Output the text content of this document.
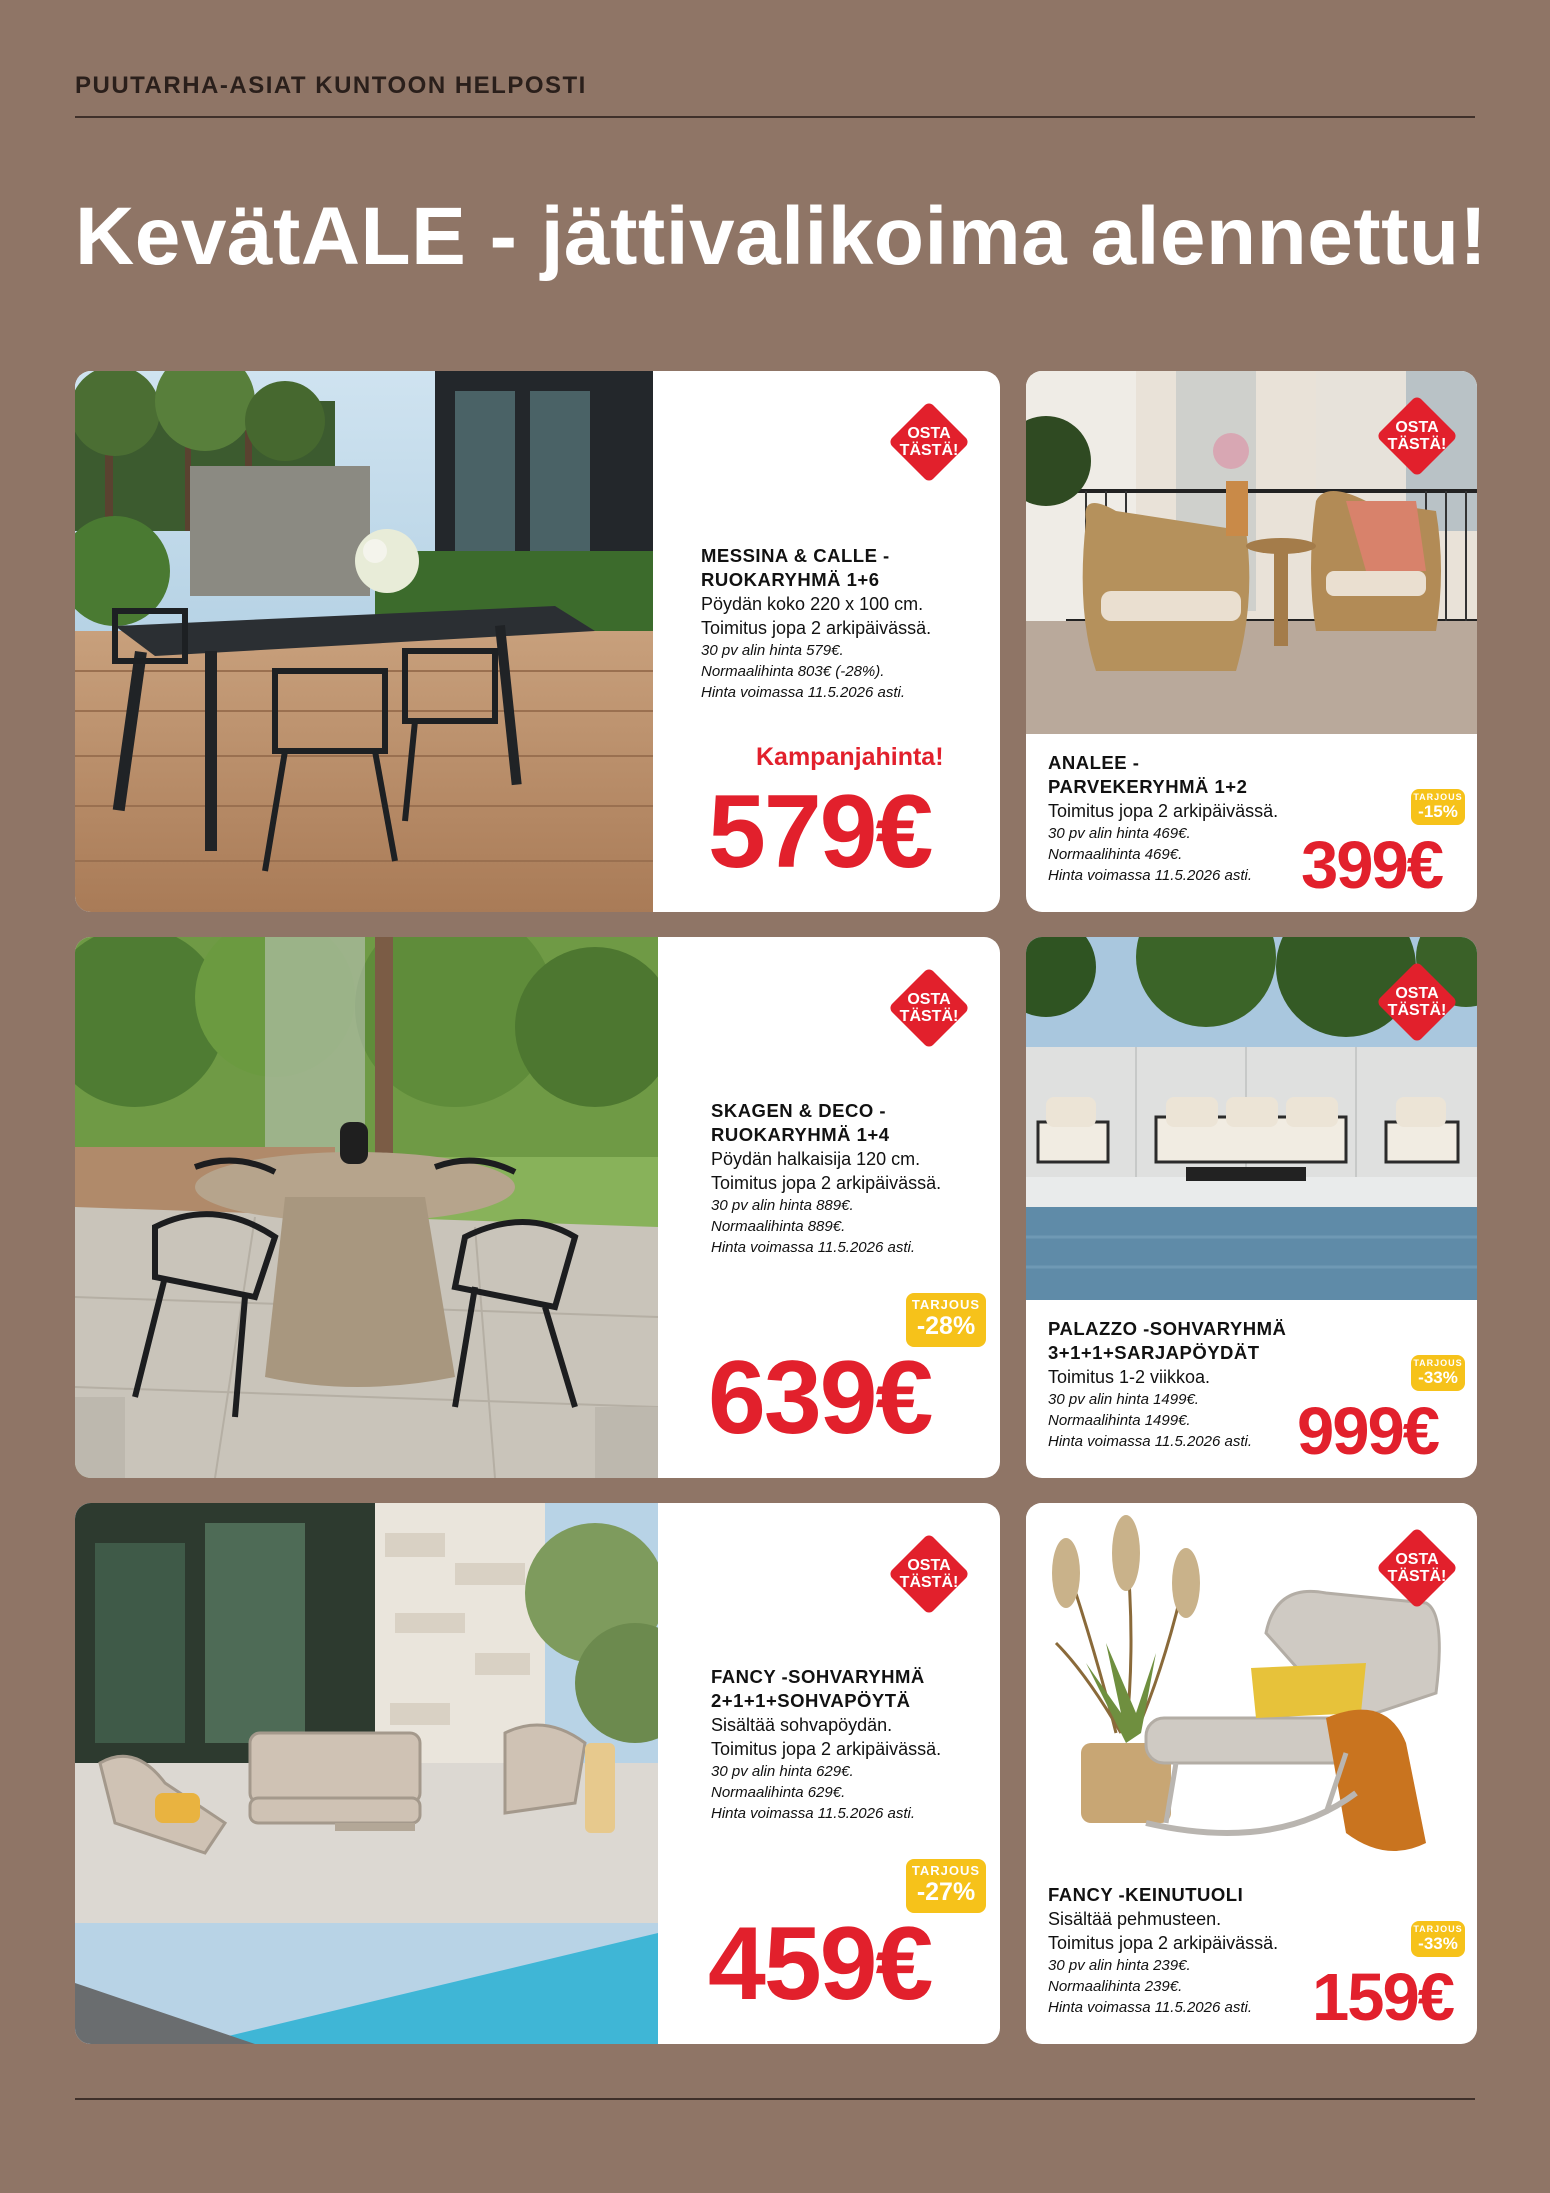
PUUTARHA-ASIAT KUNTOON HELPOSTI
KevätALE - jättivalikoima alennettu!
OSTA
TÄSTÄ!
MESSINA & CALLE -
RUOKARYHMÄ 1+6
Pöydän koko 220 x 100 cm.
Toimitus jopa 2 arkipäivässä.
30 pv alin hinta 579€.
Normaalihinta 803€ (-28%).
Hinta voimassa 11.5.2026 asti.
Kampanjahinta!
579€
OSTA
TÄSTÄ!
ANALEE -
PARVEKERYHMÄ 1+2
Toimitus jopa 2 arkipäivässä.
30 pv alin hinta 469€.
Normaalihinta 469€.
Hinta voimassa 11.5.2026 asti.
TARJOUS
-15%
399€
OSTA
TÄSTÄ!
SKAGEN & DECO -
RUOKARYHMÄ 1+4
Pöydän halkaisija 120 cm.
Toimitus jopa 2 arkipäivässä.
30 pv alin hinta 889€.
Normaalihinta 889€.
Hinta voimassa 11.5.2026 asti.
TARJOUS
-28%
639€
OSTA
TÄSTÄ!
PALAZZO -SOHVARYHMÄ
3+1+1+SARJAPÖYDÄT
Toimitus 1-2 viikkoa.
30 pv alin hinta 1499€.
Normaalihinta 1499€.
Hinta voimassa 11.5.2026 asti.
TARJOUS
-33%
999€
OSTA
TÄSTÄ!
FANCY -SOHVARYHMÄ
2+1+1+SOHVAPÖYTÄ
Sisältää sohvapöydän.
Toimitus jopa 2 arkipäivässä.
30 pv alin hinta 629€.
Normaalihinta 629€.
Hinta voimassa 11.5.2026 asti.
TARJOUS
-27%
459€
OSTA
TÄSTÄ!
FANCY -KEINUTUOLI
Sisältää pehmusteen.
Toimitus jopa 2 arkipäivässä.
30 pv alin hinta 239€.
Normaalihinta 239€.
Hinta voimassa 11.5.2026 asti.
TARJOUS
-33%
159€
